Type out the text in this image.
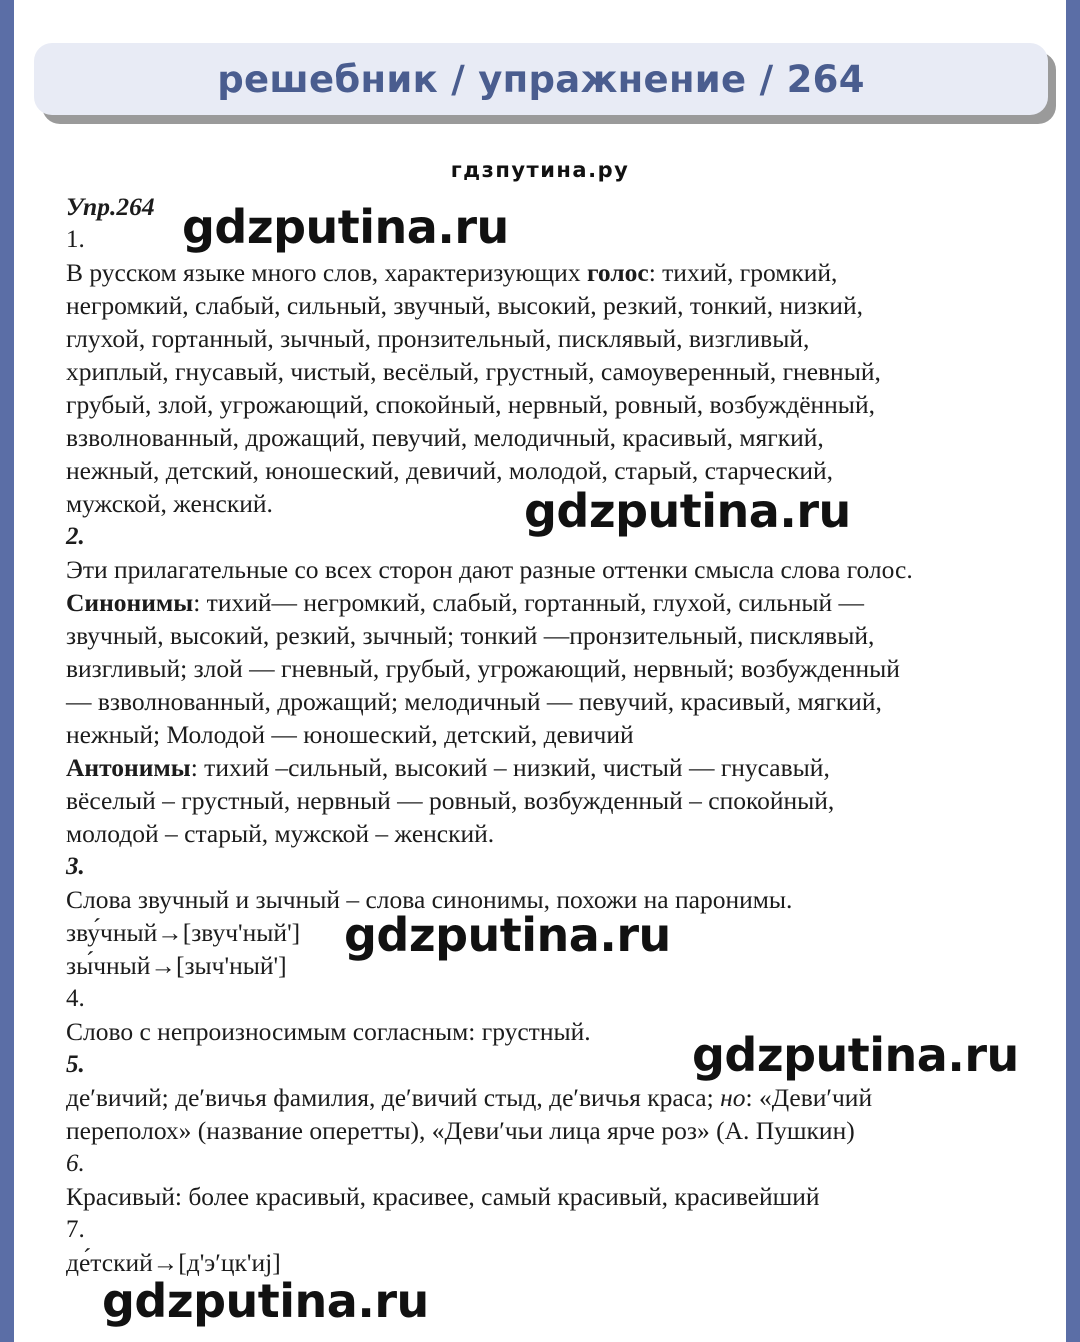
решебник / упражнение / 264
гдзпутина.ру
Упр.264
1.
В русском языке много слов, характеризующих голос: тихий, громкий,
негромкий, слабый, сильный, звучный, высокий, резкий, тонкий, низкий,
глухой, гортанный, зычный, пронзительный, писклявый, визгливый,
хриплый, гнусавый, чистый, весёлый, грустный, самоуверенный, гневный,
грубый, злой, угрожающий, спокойный, нервный, ровный, возбуждённый,
взволнованный, дрожащий, певучий, мелодичный, красивый, мягкий,
нежный, детский, юношеский, девичий, молодой, старый, старческий,
мужской, женский.
2.
Эти прилагательные со всех сторон дают разные оттенки смысла слова голос.
Синонимы: тихий— негромкий, слабый, гортанный, глухой, сильный —
звучный, высокий, резкий, зычный; тонкий —пронзительный, писклявый,
визгливый; злой — гневный, грубый, угрожающий, нервный; возбужденный
— взволнованный, дрожащий; мелодичный — певучий, красивый, мягкий,
нежный; Молодой — юношеский, детский, девичий
Антонимы: тихий –сильный, высокий – низкий, чистый — гнусавый,
вёселый – грустный, нервный — ровный, возбужденный – спокойный,
молодой – старый, мужской – женский.
3.
Слова звучный и зычный – слова синонимы, похожи на паронимы.
зву́чный→[звуч'ный']
зы́чный→[зыч'ный']
4.
Слово с непроизносимым согласным: грустный.
5.
де′вичий; де′вичья фамилия, де′вичий стыд, де′вичья краса; но: «Деви′чий
переполох» (название оперетты), «Деви′чьи лица ярче роз» (А. Пушкин)
6.
Красивый: более красивый, красивее, самый красивый, красивейший
7.
де́тский→[д'э′цк'иj]
gdzputina.ru
gdzputina.ru
gdzputina.ru
gdzputina.ru
gdzputina.ru
